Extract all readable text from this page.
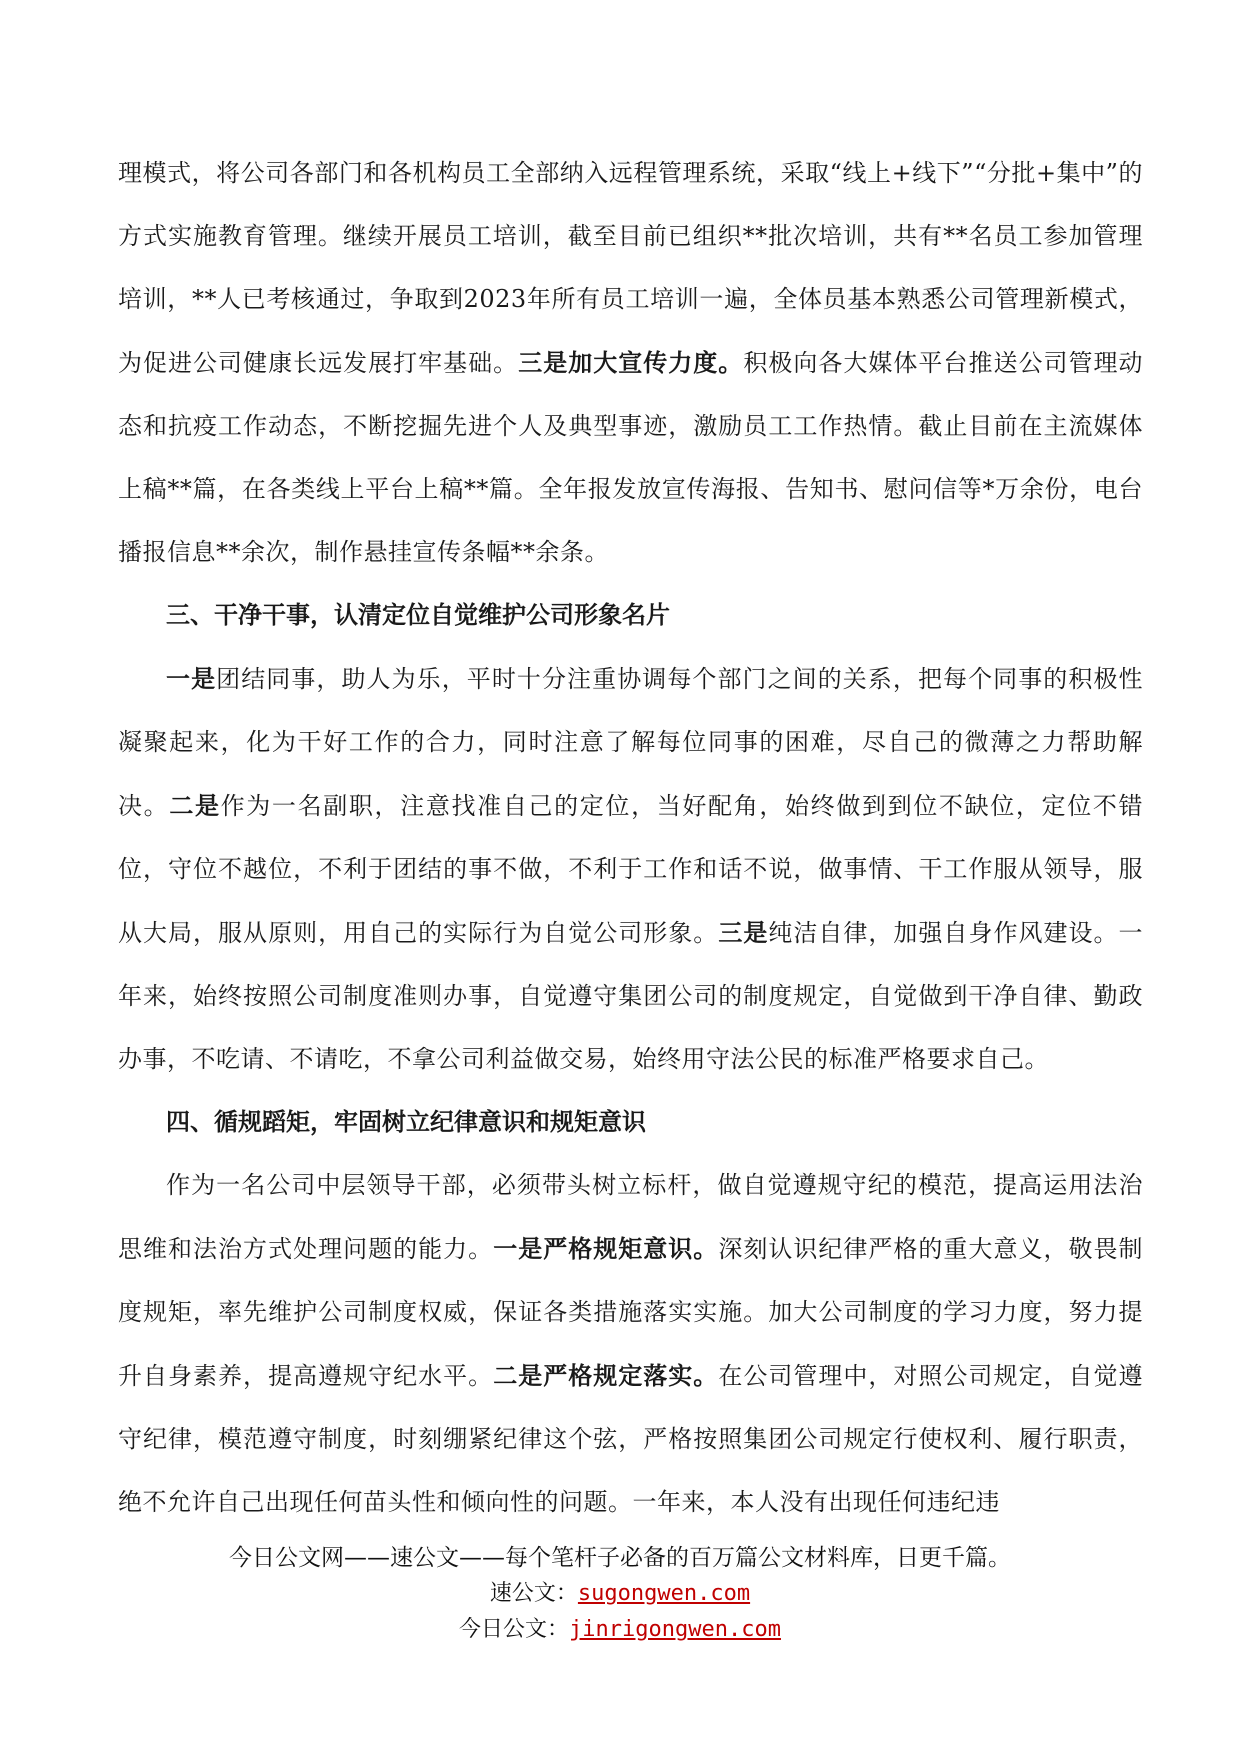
理模式，将公司各部门和各机构员工全部纳入远程管理系统，采取“线上+线下”“分批+集中”的方式实施教育管理。继续开展员工培训，截至目前已组织**批次培训，共有**名员工参加管理培训，**人已考核通过，争取到2023年所有员工培训一遍，全体员基本熟悉公司管理新模式，为促进公司健康长远发展打牢基础。三是加大宣传力度。积极向各大媒体平台推送公司管理动态和抗疫工作动态，不断挖掘先进个人及典型事迹，激励员工工作热情。截止目前在主流媒体上稿**篇，在各类线上平台上稿**篇。全年报发放宣传海报、告知书、慰问信等*万余份，电台播报信息**余次，制作悬挂宣传条幅**余条。

三、干净干事，认清定位自觉维护公司形象名片

一是团结同事，助人为乐，平时十分注重协调每个部门之间的关系，把每个同事的积极性凝聚起来，化为干好工作的合力，同时注意了解每位同事的困难，尽自己的微薄之力帮助解决。二是作为一名副职，注意找准自己的定位，当好配角，始终做到到位不缺位，定位不错位，守位不越位，不利于团结的事不做，不利于工作和话不说，做事情、干工作服从领导，服从大局，服从原则，用自己的实际行为自觉公司形象。三是纯洁自律，加强自身作风建设。一年来，始终按照公司制度准则办事，自觉遵守集团公司的制度规定，自觉做到干净自律、勤政办事，不吃请、不请吃，不拿公司利益做交易，始终用守法公民的标准严格要求自己。

四、循规蹈矩，牢固树立纪律意识和规矩意识

作为一名公司中层领导干部，必须带头树立标杆，做自觉遵规守纪的模范，提高运用法治思维和法治方式处理问题的能力。一是严格规矩意识。深刻认识纪律严格的重大意义，敬畏制度规矩，率先维护公司制度权威，保证各类措施落实实施。加大公司制度的学习力度，努力提升自身素养，提高遵规守纪水平。二是严格规定落实。在公司管理中，对照公司规定，自觉遵守纪律，模范遵守制度，时刻绷紧纪律这个弦，严格按照集团公司规定行使权利、履行职责，绝不允许自己出现任何苗头性和倾向性的问题。一年来，本人没有出现任何违纪违

今日公文网——速公文——每个笔杆子必备的百万篇公文材料库，日更千篇。
速公文：sugongwen.com
今日公文：jinrigongwen.com
